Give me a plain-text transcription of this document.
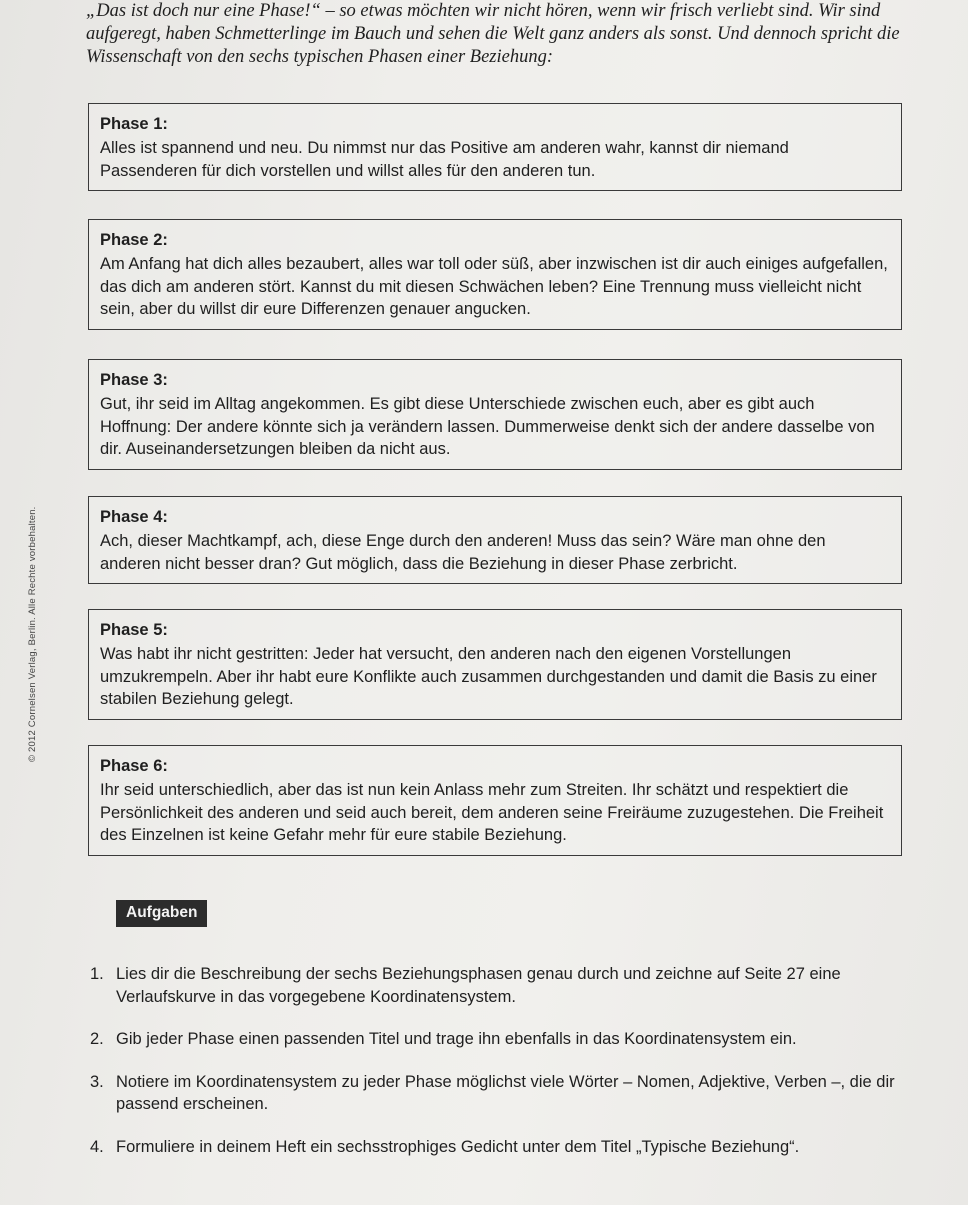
„Das ist doch nur eine Phase!“ – so etwas möchten wir nicht hören, wenn wir frisch verliebt sind. Wir sind aufgeregt, haben Schmetterlinge im Bauch und sehen die Welt ganz anders als sonst. Und dennoch spricht die Wissenschaft von den sechs typischen Phasen einer Beziehung:

© 2012 Cornelsen Verlag, Berlin. Alle Rechte vorbehalten.
Phase 1:
Alles ist spannend und neu. Du nimmst nur das Positive am anderen wahr, kannst dir niemand Passenderen für dich vorstellen und willst alles für den anderen tun.
Phase 2:
Am Anfang hat dich alles bezaubert, alles war toll oder süß, aber inzwischen ist dir auch einiges aufgefallen, das dich am anderen stört. Kannst du mit diesen Schwächen leben? Eine Trennung muss vielleicht nicht sein, aber du willst dir eure Differenzen genauer angucken.
Phase 3:
Gut, ihr seid im Alltag angekommen. Es gibt diese Unterschiede zwischen euch, aber es gibt auch Hoffnung: Der andere könnte sich ja verändern lassen. Dummerweise denkt sich der andere dasselbe von dir. Auseinandersetzungen bleiben da nicht aus.
Phase 4:
Ach, dieser Machtkampf, ach, diese Enge durch den anderen! Muss das sein? Wäre man ohne den anderen nicht besser dran? Gut möglich, dass die Beziehung in dieser Phase zerbricht.
Phase 5:
Was habt ihr nicht gestritten: Jeder hat versucht, den anderen nach den eigenen Vorstellungen umzukrempeln. Aber ihr habt eure Konflikte auch zusammen durchgestanden und damit die Basis zu einer stabilen Beziehung gelegt.
Phase 6:
Ihr seid unterschiedlich, aber das ist nun kein Anlass mehr zum Streiten. Ihr schätzt und respektiert die Persönlichkeit des anderen und seid auch bereit, dem anderen seine Freiräume zuzugestehen. Die Freiheit des Einzelnen ist keine Gefahr mehr für eure stabile Beziehung.
Aufgaben
1. Lies dir die Beschreibung der sechs Beziehungsphasen genau durch und zeichne auf Seite 27 eine Verlaufskurve in das vorgegebene Koordinatensystem.
2. Gib jeder Phase einen passenden Titel und trage ihn ebenfalls in das Koordinatensystem ein.
3. Notiere im Koordinatensystem zu jeder Phase möglichst viele Wörter – Nomen, Adjektive, Verben –, die dir passend erscheinen.
4. Formuliere in deinem Heft ein sechsstrophiges Gedicht unter dem Titel „Typische Beziehung“.
